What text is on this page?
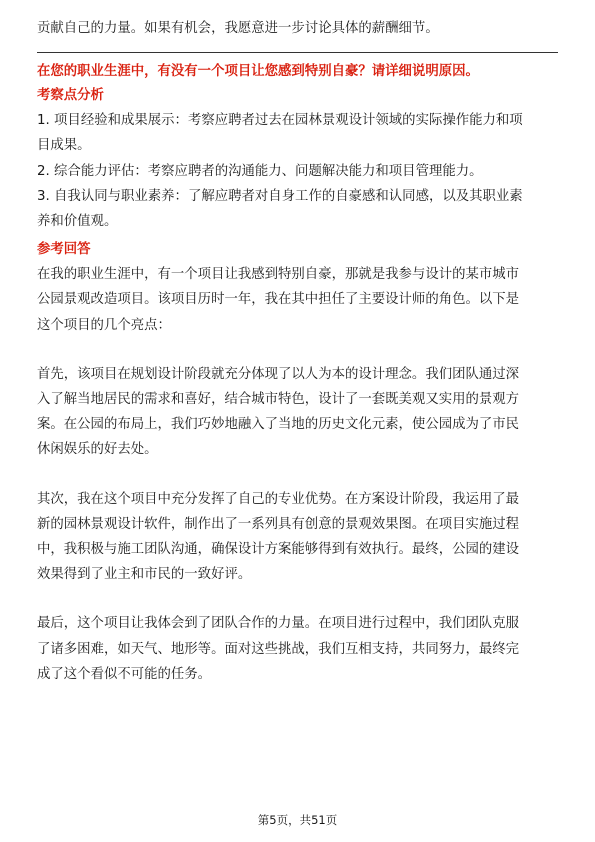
贡献自己的力量。如果有机会，我愿意进一步讨论具体的薪酬细节。
在您的职业生涯中，有没有一个项目让您感到特别自豪？请详细说明原因。
考察点分析
1. 项目经验和成果展示：考察应聘者过去在园林景观设计领域的实际操作能力和项
目成果。
2. 综合能力评估：考察应聘者的沟通能力、问题解决能力和项目管理能力。
3. 自我认同与职业素养：了解应聘者对自身工作的自豪感和认同感，以及其职业素
养和价值观。
参考回答
在我的职业生涯中，有一个项目让我感到特别自豪，那就是我参与设计的某市城市
公园景观改造项目。该项目历时一年，我在其中担任了主要设计师的角色。以下是
这个项目的几个亮点：
首先，该项目在规划设计阶段就充分体现了以人为本的设计理念。我们团队通过深
入了解当地居民的需求和喜好，结合城市特色，设计了一套既美观又实用的景观方
案。在公园的布局上，我们巧妙地融入了当地的历史文化元素，使公园成为了市民
休闲娱乐的好去处。
其次，我在这个项目中充分发挥了自己的专业优势。在方案设计阶段，我运用了最
新的园林景观设计软件，制作出了一系列具有创意的景观效果图。在项目实施过程
中，我积极与施工团队沟通，确保设计方案能够得到有效执行。最终，公园的建设
效果得到了业主和市民的一致好评。
最后，这个项目让我体会到了团队合作的力量。在项目进行过程中，我们团队克服
了诸多困难，如天气、地形等。面对这些挑战，我们互相支持，共同努力，最终完
成了这个看似不可能的任务。
第5页，共51页
